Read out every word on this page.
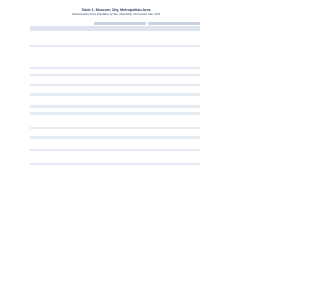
Table 1. Moscow, City, Metropolitan Area
Characteristics of the Population by Sex, Citizenship, and Census Year, 2010
Total
